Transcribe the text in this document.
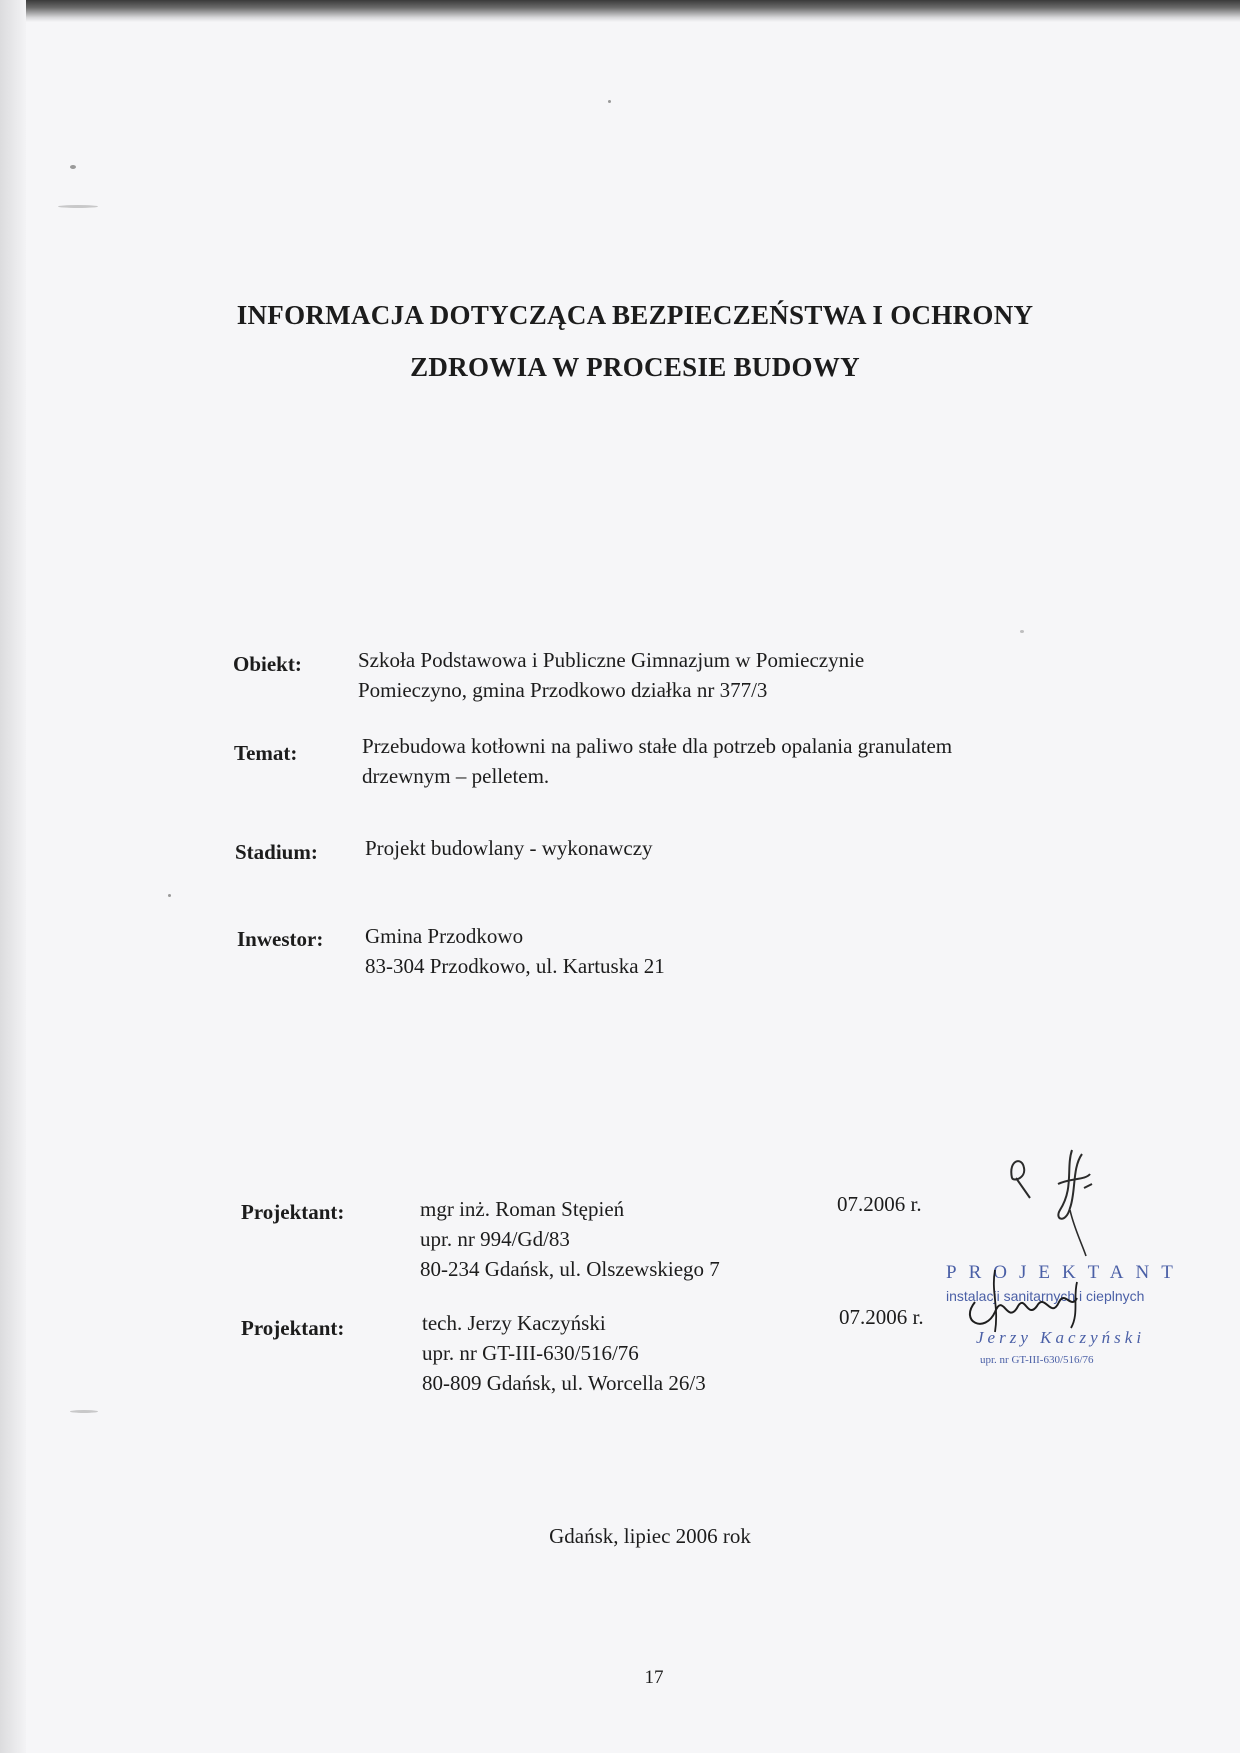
INFORMACJA DOTYCZĄCA BEZPIECZEŃSTWA I OCHRONY
ZDROWIA W PROCESIE BUDOWY
Obiekt:	Szkoła Podstawowa i Publiczne Gimnazjum w Pomieczynie
Pomieczyno, gmina Przodkowo działka nr 377/3
Temat:	Przebudowa kotłowni na paliwo stałe dla potrzeb opalania granulatem
drzewnym – pelletem.
Stadium: Projekt budowlany - wykonawczy
Inwestor: Gmina Przodkowo
83-304 Przodkowo, ul. Kartuska 21
Projektant:	mgr inż. Roman Stępień
upr. nr 994/Gd/83
80-234 Gdańsk, ul. Olszewskiego 7
07.2006 r.
Projektant:	tech. Jerzy Kaczyński
upr. nr GT-III-630/516/76
80-809 Gdańsk, ul. Worcella 26/3
07.2006 r.
PROJEKTANT
instalacji sanitarnych i cieplnych
Jerzy Kaczyński
upr. nr GT-III-630/516/76
Gdańsk, lipiec 2006 rok
17
